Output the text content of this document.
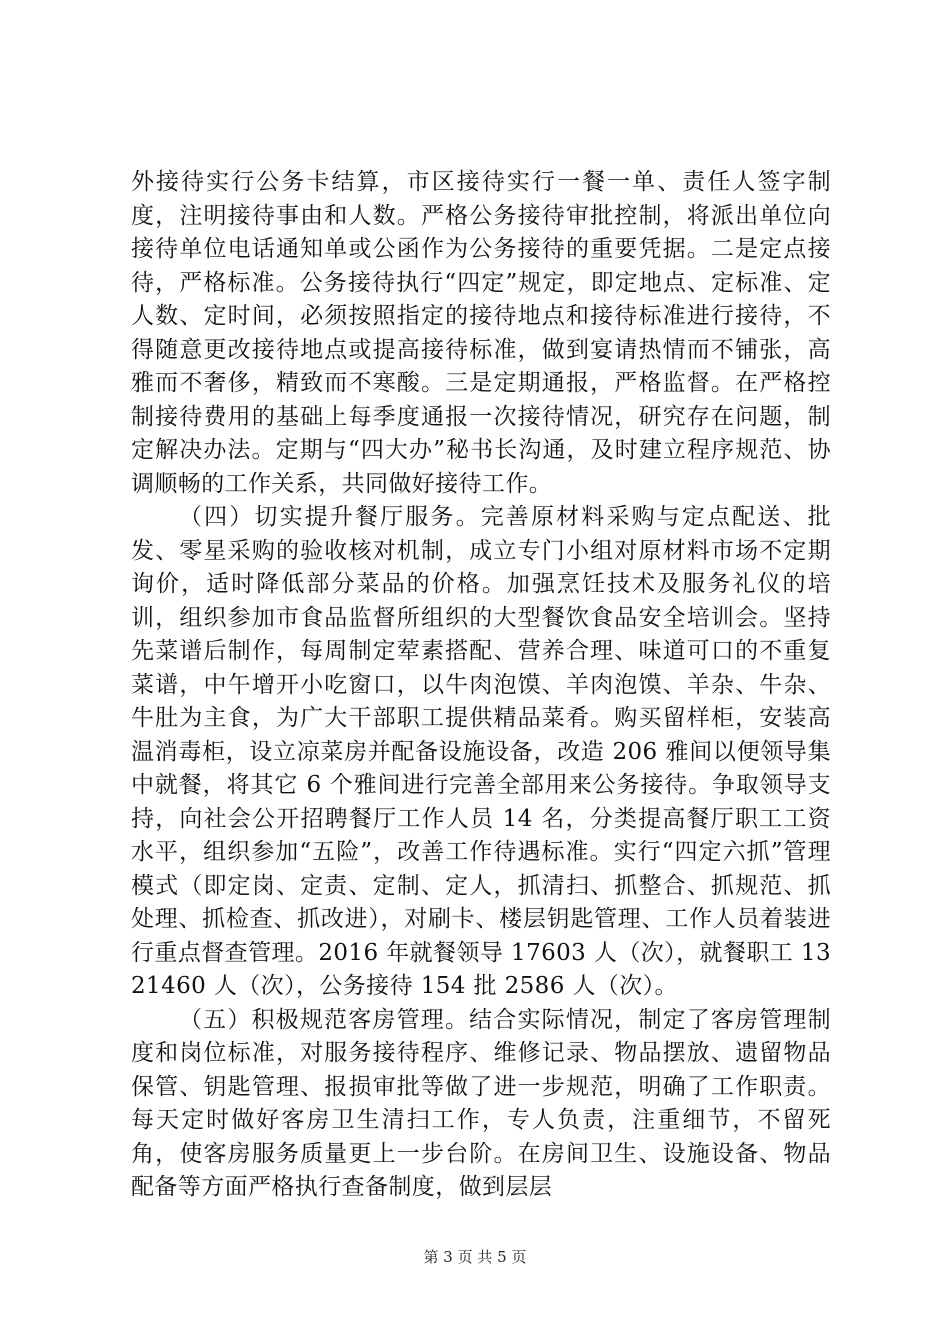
外接待实行公务卡结算，市区接待实行一餐一单、责任人签字制度，注明接待事由和人数。严格公务接待审批控制，将派出单位向接待单位电话通知单或公函作为公务接待的重要凭据。二是定点接待，严格标准。公务接待执行“四定”规定，即定地点、定标准、定人数、定时间，必须按照指定的接待地点和接待标准进行接待，不得随意更改接待地点或提高接待标准，做到宴请热情而不铺张，高雅而不奢侈，精致而不寒酸。三是定期通报，严格监督。在严格控制接待费用的基础上每季度通报一次接待情况，研究存在问题，制定解决办法。定期与“四大办”秘书长沟通，及时建立程序规范、协调顺畅的工作关系，共同做好接待工作。

（四）切实提升餐厅服务。完善原材料采购与定点配送、批发、零星采购的验收核对机制，成立专门小组对原材料市场不定期询价，适时降低部分菜品的价格。加强烹饪技术及服务礼仪的培训，组织参加市食品监督所组织的大型餐饮食品安全培训会。坚持先菜谱后制作，每周制定荤素搭配、营养合理、味道可口的不重复菜谱，中午增开小吃窗口，以牛肉泡馍、羊肉泡馍、羊杂、牛杂、牛肚为主食，为广大干部职工提供精品菜肴。购买留样柜，安装高温消毒柜，设立凉菜房并配备设施设备，改造 206 雅间以便领导集中就餐，将其它 6 个雅间进行完善全部用来公务接待。争取领导支持，向社会公开招聘餐厅工作人员 14 名，分类提高餐厅职工工资水平，组织参加“五险”，改善工作待遇标准。实行“四定六抓”管理模式（即定岗、定责、定制、定人，抓清扫、抓整合、抓规范、抓处理、抓检查、抓改进），对刷卡、楼层钥匙管理、工作人员着装进行重点督查管理。2016 年就餐领导 17603 人（次），就餐职工 1321460 人（次），公务接待 154 批 2586 人（次）。

（五）积极规范客房管理。结合实际情况，制定了客房管理制度和岗位标准，对服务接待程序、维修记录、物品摆放、遗留物品保管、钥匙管理、报损审批等做了进一步规范，明确了工作职责。每天定时做好客房卫生清扫工作，专人负责，注重细节，不留死角，使客房服务质量更上一步台阶。在房间卫生、设施设备、物品配备等方面严格执行查备制度，做到层层

第 3 页 共 5 页
